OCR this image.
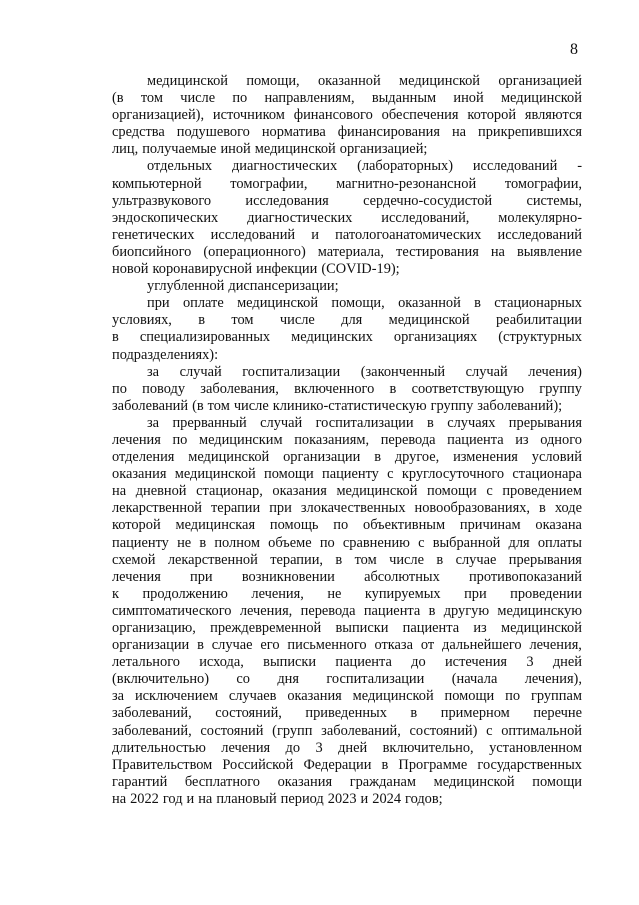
8
медицинской помощи, оказанной медицинской организацией
(в том числе по направлениям, выданным иной медицинской
организацией), источником финансового обеспечения которой являются
средства подушевого норматива финансирования на прикрепившихся
лиц, получаемые иной медицинской организацией;
отдельных диагностических (лабораторных) исследований -
компьютерной томографии, магнитно-резонансной томографии,
ультразвукового исследования сердечно-сосудистой системы,
эндоскопических диагностических исследований, молекулярно-
генетических исследований и патологоанатомических исследований
биопсийного (операционного) материала, тестирования на выявление
новой коронавирусной инфекции (COVID-19);
углубленной диспансеризации;
при оплате медицинской помощи, оказанной в стационарных
условиях, в том числе для медицинской реабилитации
в специализированных медицинских организациях (структурных
подразделениях):
за случай госпитализации (законченный случай лечения)
по поводу заболевания, включенного в соответствующую группу
заболеваний (в том числе клинико-статистическую группу заболеваний);
за прерванный случай госпитализации в случаях прерывания
лечения по медицинским показаниям, перевода пациента из одного
отделения медицинской организации в другое, изменения условий
оказания медицинской помощи пациенту с круглосуточного стационара
на дневной стационар, оказания медицинской помощи с проведением
лекарственной терапии при злокачественных новообразованиях, в ходе
которой медицинская помощь по объективным причинам оказана
пациенту не в полном объеме по сравнению с выбранной для оплаты
схемой лекарственной терапии, в том числе в случае прерывания
лечения при возникновении абсолютных противопоказаний
к продолжению лечения, не купируемых при проведении
симптоматического лечения, перевода пациента в другую медицинскую
организацию, преждевременной выписки пациента из медицинской
организации в случае его письменного отказа от дальнейшего лечения,
летального исхода, выписки пациента до истечения 3 дней
(включительно) со дня госпитализации (начала лечения),
за исключением случаев оказания медицинской помощи по группам
заболеваний, состояний, приведенных в примерном перечне
заболеваний, состояний (групп заболеваний, состояний) с оптимальной
длительностью лечения до 3 дней включительно, установленном
Правительством Российской Федерации в Программе государственных
гарантий бесплатного оказания гражданам медицинской помощи
на 2022 год и на плановый период 2023 и 2024 годов;
